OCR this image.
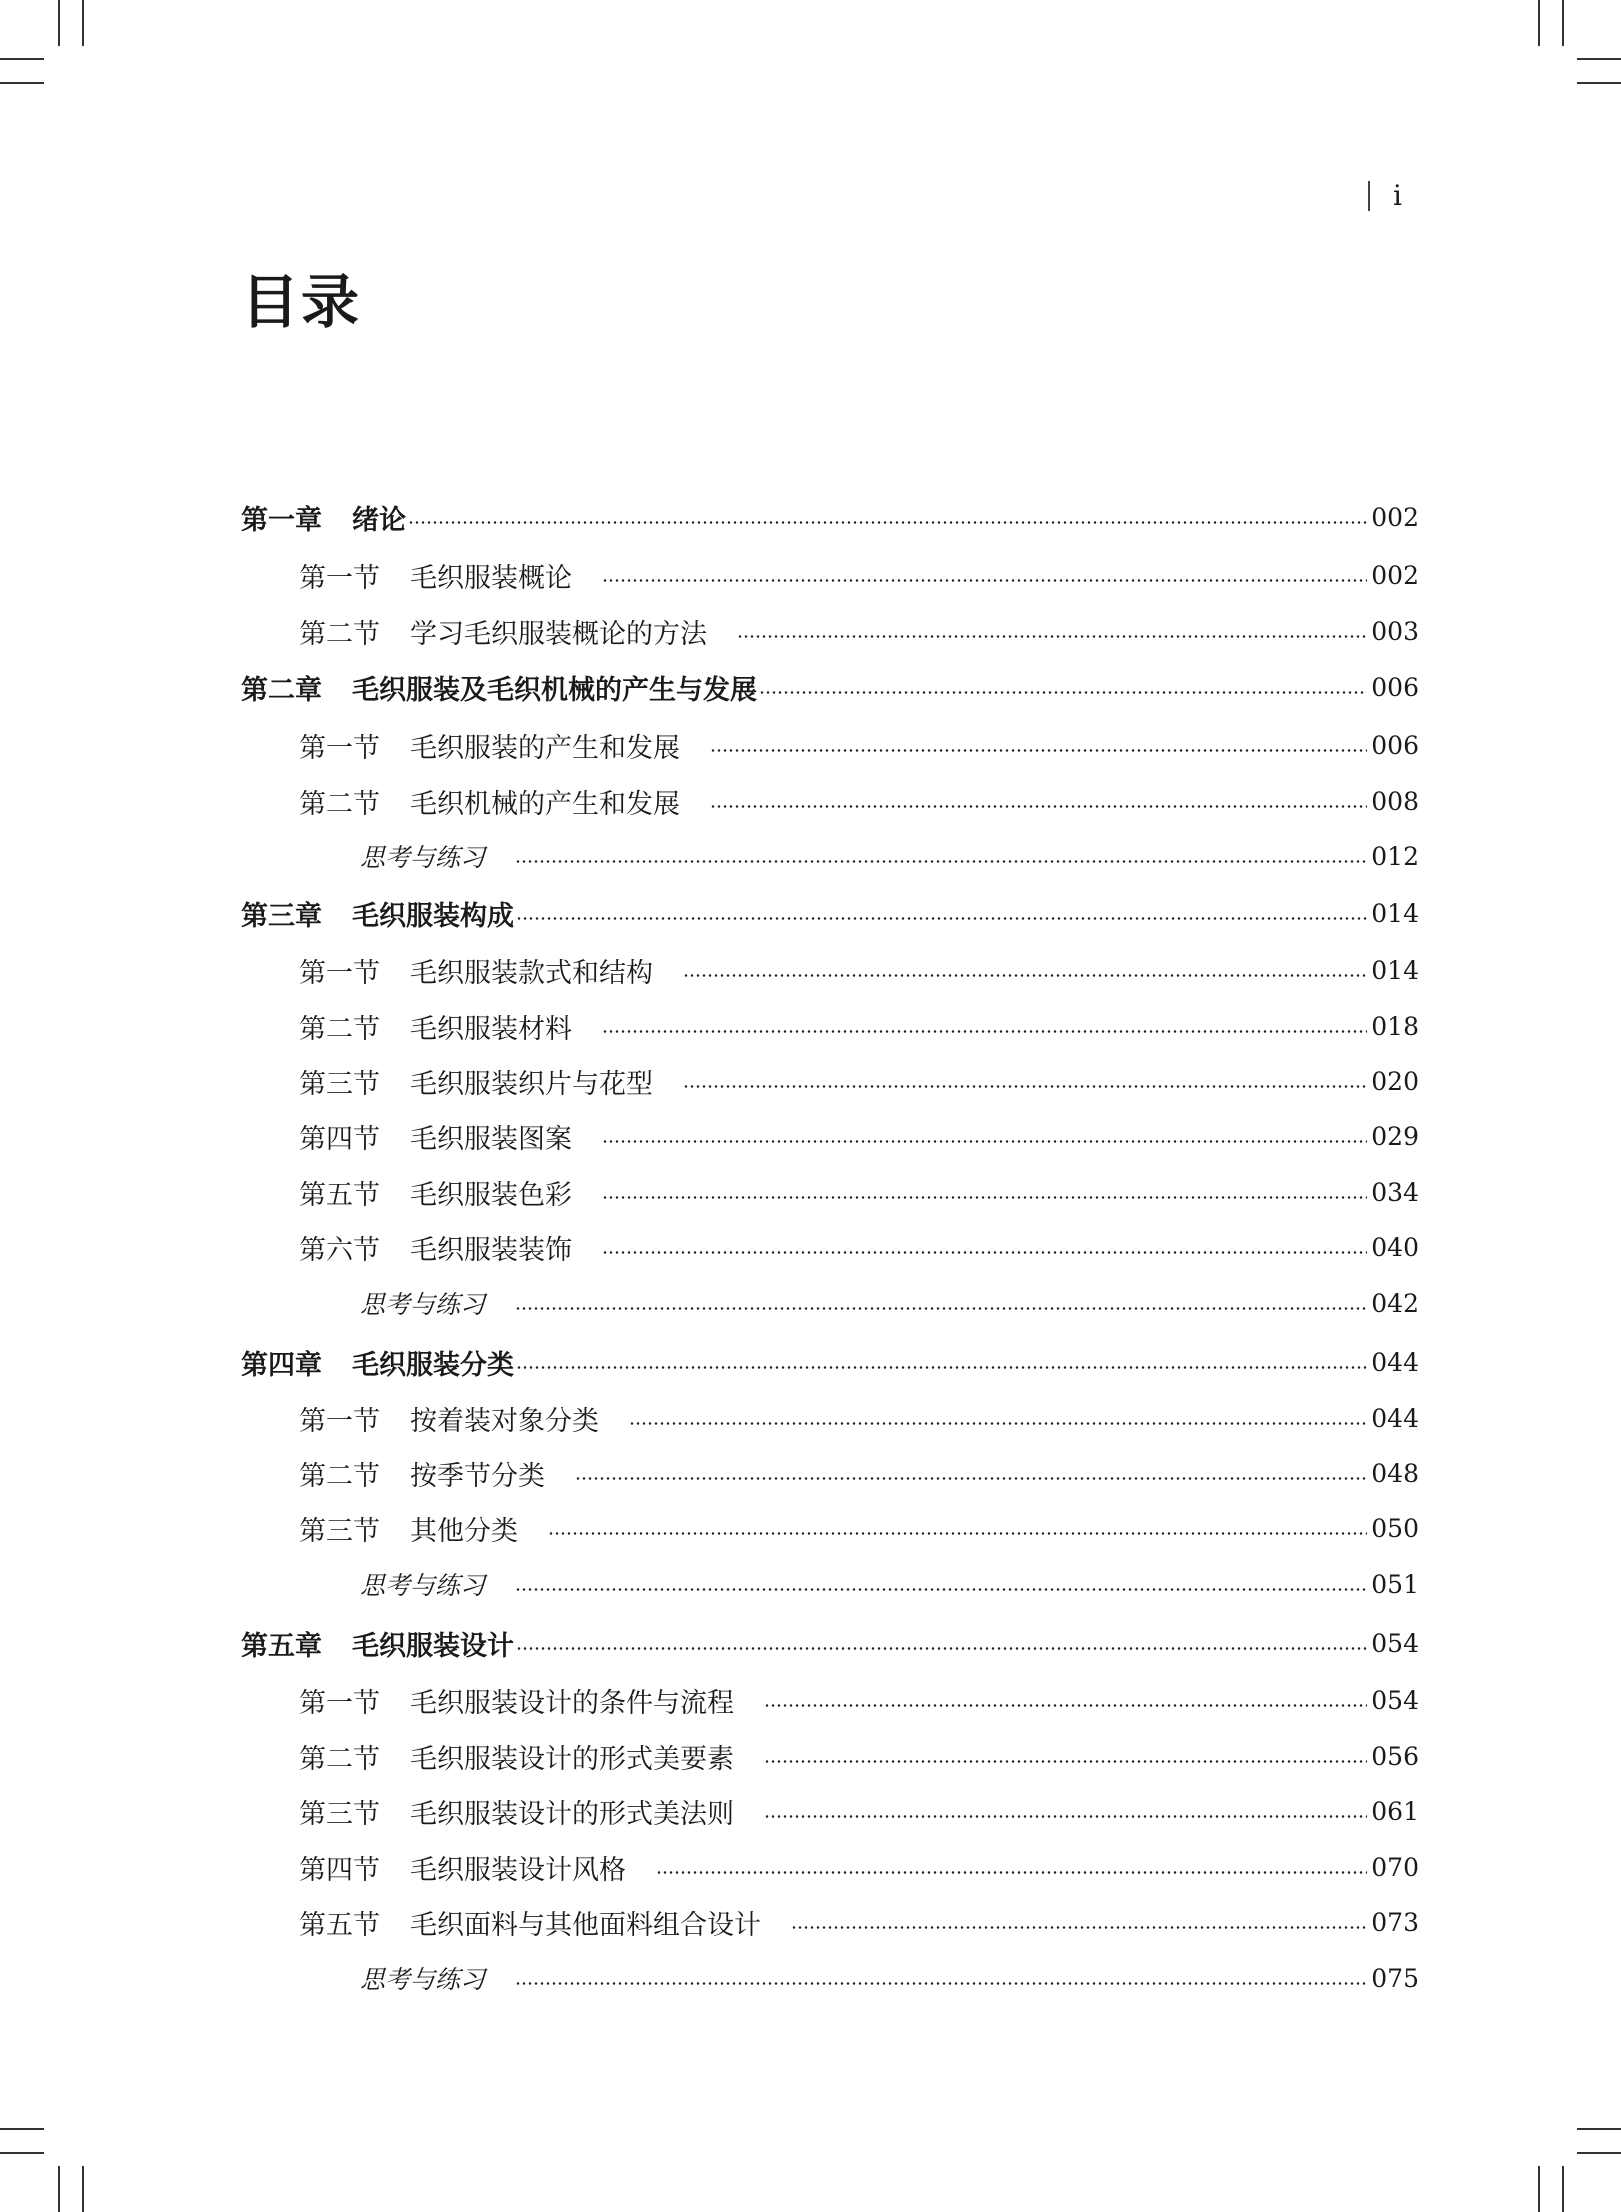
i
目录
第一章 绪论	002
第一节 毛织服装概论	002
第二节 学习毛织服装概论的方法	003
第二章 毛织服装及毛织机械的产生与发展	006
第一节 毛织服装的产生和发展	006
第二节 毛织机械的产生和发展	008
思考与练习	012
第三章 毛织服装构成	014
第一节 毛织服装款式和结构	014
第二节 毛织服装材料	018
第三节 毛织服装织片与花型	020
第四节 毛织服装图案	029
第五节 毛织服装色彩	034
第六节 毛织服装装饰	040
思考与练习	042
第四章 毛织服装分类	044
第一节 按着装对象分类	044
第二节 按季节分类	048
第三节 其他分类	050
思考与练习	051
第五章 毛织服装设计	054
第一节 毛织服装设计的条件与流程	054
第二节 毛织服装设计的形式美要素	056
第三节 毛织服装设计的形式美法则	061
第四节 毛织服装设计风格	070
第五节 毛织面料与其他面料组合设计	073
思考与练习	075
